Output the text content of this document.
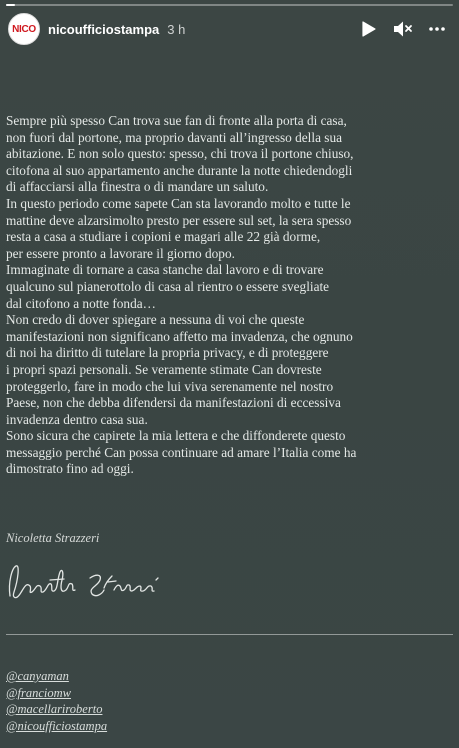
NICO nicoufficiostampa 3 h
Sempre più spesso Can trova sue fan di fronte alla porta di casa,
non fuori dal portone, ma proprio davanti all’ingresso della sua
abitazione. E non solo questo: spesso, chi trova il portone chiuso,
citofona al suo appartamento anche durante la notte chiedendogli
di affacciarsi alla finestra o di mandare un saluto.
In questo periodo come sapete Can sta lavorando molto e tutte le
mattine deve alzarsimolto presto per essere sul set, la sera spesso
resta a casa a studiare i copioni e magari alle 22 già dorme,
per essere pronto a lavorare il giorno dopo.
Immaginate di tornare a casa stanche dal lavoro e di trovare
qualcuno sul pianerottolo di casa al rientro o essere svegliate
dal citofono a notte fonda…
Non credo di dover spiegare a nessuna di voi che queste
manifestazioni non significano affetto ma invadenza, che ognuno
di noi ha diritto di tutelare la propria privacy, e di proteggere
i propri spazi personali. Se veramente stimate Can dovreste
proteggerlo, fare in modo che lui viva serenamente nel nostro
Paese, non che debba difendersi da manifestazioni di eccessiva
invadenza dentro casa sua.
Sono sicura che capirete la mia lettera e che diffonderete questo
messaggio perché Can possa continuare ad amare l’Italia come ha
dimostrato fino ad oggi.
Nicoletta Strazzeri
@canyaman
@franciomw
@macellariroberto
@nicoufficiostampa
